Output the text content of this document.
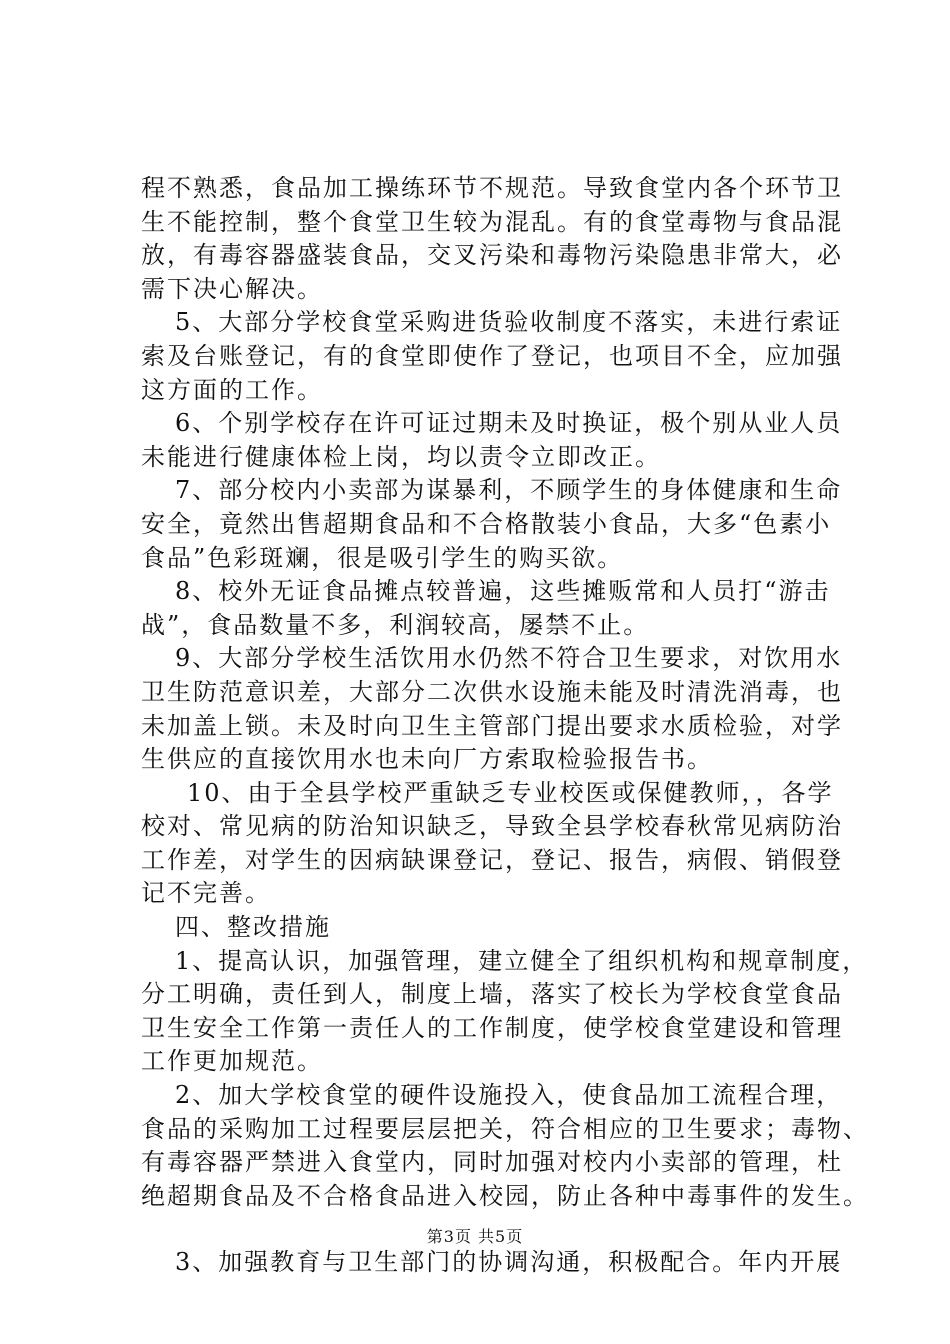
程不熟悉，食品加工操练环节不规范。导致食堂内各个环节卫
生不能控制，整个食堂卫生较为混乱。有的食堂毒物与食品混
放，有毒容器盛装食品，交叉污染和毒物污染隐患非常大，必
需下决心解决。
5、大部分学校食堂采购进货验收制度不落实，未进行索证
索及台账登记，有的食堂即使作了登记，也项目不全，应加强
这方面的工作。
6、个别学校存在许可证过期未及时换证，极个别从业人员
未能进行健康体检上岗，均以责令立即改正。
7、部分校内小卖部为谋暴利，不顾学生的身体健康和生命
安全，竟然出售超期食品和不合格散装小食品，大多“色素小
食品”色彩斑斓，很是吸引学生的购买欲。
8、校外无证食品摊点较普遍，这些摊贩常和人员打“游击
战”，食品数量不多，利润较高，屡禁不止。
9、大部分学校生活饮用水仍然不符合卫生要求，对饮用水
卫生防范意识差，大部分二次供水设施未能及时清洗消毒，也
未加盖上锁。未及时向卫生主管部门提出要求水质检验，对学
生供应的直接饮用水也未向厂方索取检验报告书。
10、由于全县学校严重缺乏专业校医或保健教师，，各学
校对、常见病的防治知识缺乏，导致全县学校春秋常见病防治
工作差，对学生的因病缺课登记，登记、报告，病假、销假登
记不完善。
四、整改措施
1、提高认识，加强管理，建立健全了组织机构和规章制度，
分工明确，责任到人，制度上墙，落实了校长为学校食堂食品
卫生安全工作第一责任人的工作制度，使学校食堂建设和管理
工作更加规范。
2、加大学校食堂的硬件设施投入，使食品加工流程合理，
食品的采购加工过程要层层把关，符合相应的卫生要求；毒物、
有毒容器严禁进入食堂内，同时加强对校内小卖部的管理，杜
绝超期食品及不合格食品进入校园，防止各种中毒事件的发生。
3、加强教育与卫生部门的协调沟通，积极配合。年内开展
第3页 共5页
